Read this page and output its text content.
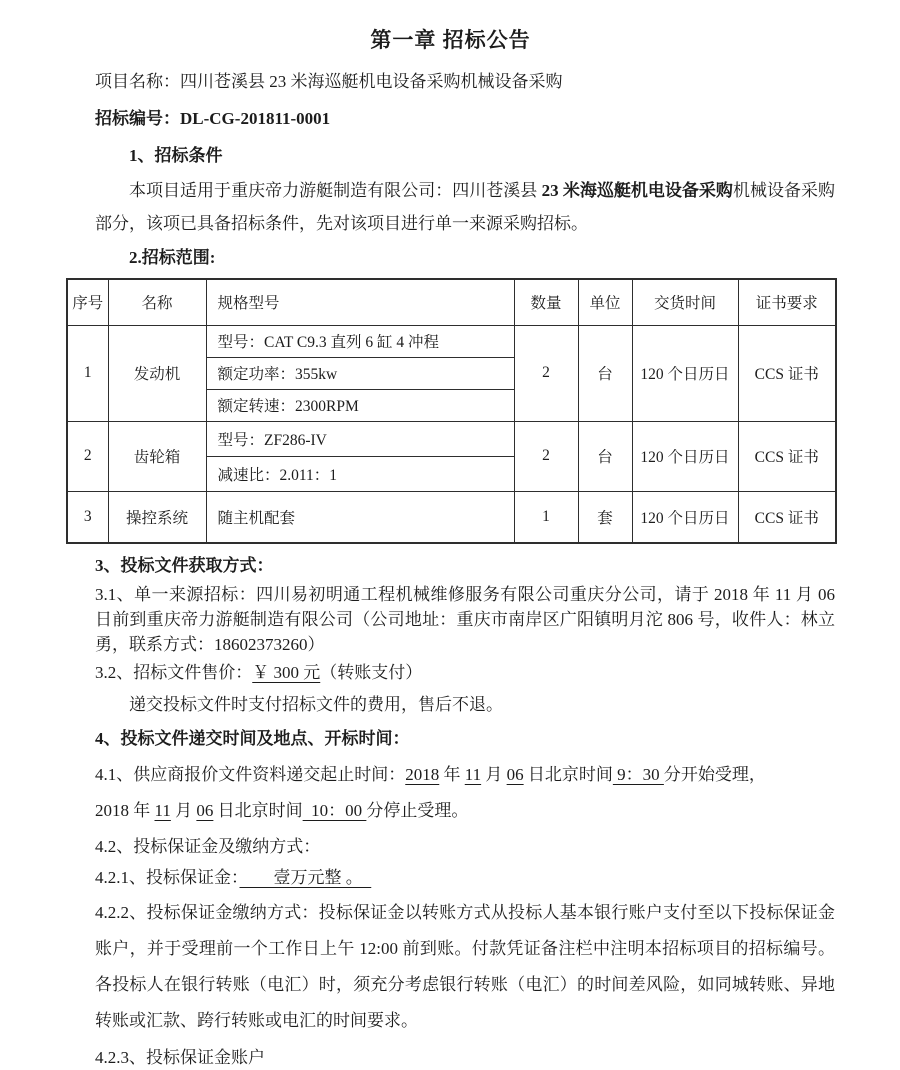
第一章 招标公告

项目名称：四川苍溪县 23 米海巡艇机电设备采购机械设备采购

招标编号：DL-CG-201811-0001

1、招标条件

本项目适用于重庆帝力游艇制造有限公司：四川苍溪县 23 米海巡艇机电设备采购机械设备采购部分，该项已具备招标条件，先对该项目进行单一来源采购招标。

2.招标范围:

序号	名称	规格型号	数量	单位	交货时间	证书要求
1	发动机	型号：CAT C9.3 直列 6 缸 4 冲程	2	台	120 个日历日	CCS 证书
		额定功率：355kw				
		额定转速：2300RPM				
2	齿轮箱	型号：ZF286-IV	2	台	120 个日历日	CCS 证书
		减速比：2.011：1				
3	操控系统	随主机配套	1	套	120 个日历日	CCS 证书

3、投标文件获取方式：

3.1、单一来源招标：四川易初明通工程机械维修服务有限公司重庆分公司，请于 2018 年 11 月 06 日前到重庆帝力游艇制造有限公司（公司地址：重庆市南岸区广阳镇明月沱 806 号，收件人：林立勇，联系方式：18602373260）

3.2、招标文件售价：￥ 300 元（转账支付）

递交投标文件时支付招标文件的费用，售后不退。

4、投标文件递交时间及地点、开标时间：

4.1、供应商报价文件资料递交起止时间：2018 年 11 月 06 日北京时间 9：30 分开始受理，
2018 年 11 月 06 日北京时间  10：00 分停止受理。

4.2、投标保证金及缴纳方式：

4.2.1、投标保证金：　　壹万元整 。　

4.2.2、投标保证金缴纳方式：投标保证金以转账方式从投标人基本银行账户支付至以下投标保证金账户，并于受理前一个工作日上午 12:00 前到账。付款凭证备注栏中注明本招标项目的招标编号。各投标人在银行转账（电汇）时，须充分考虑银行转账（电汇）的时间差风险，如同城转账、异地转账或汇款、跨行转账或电汇的时间要求。

4.2.3、投标保证金账户
